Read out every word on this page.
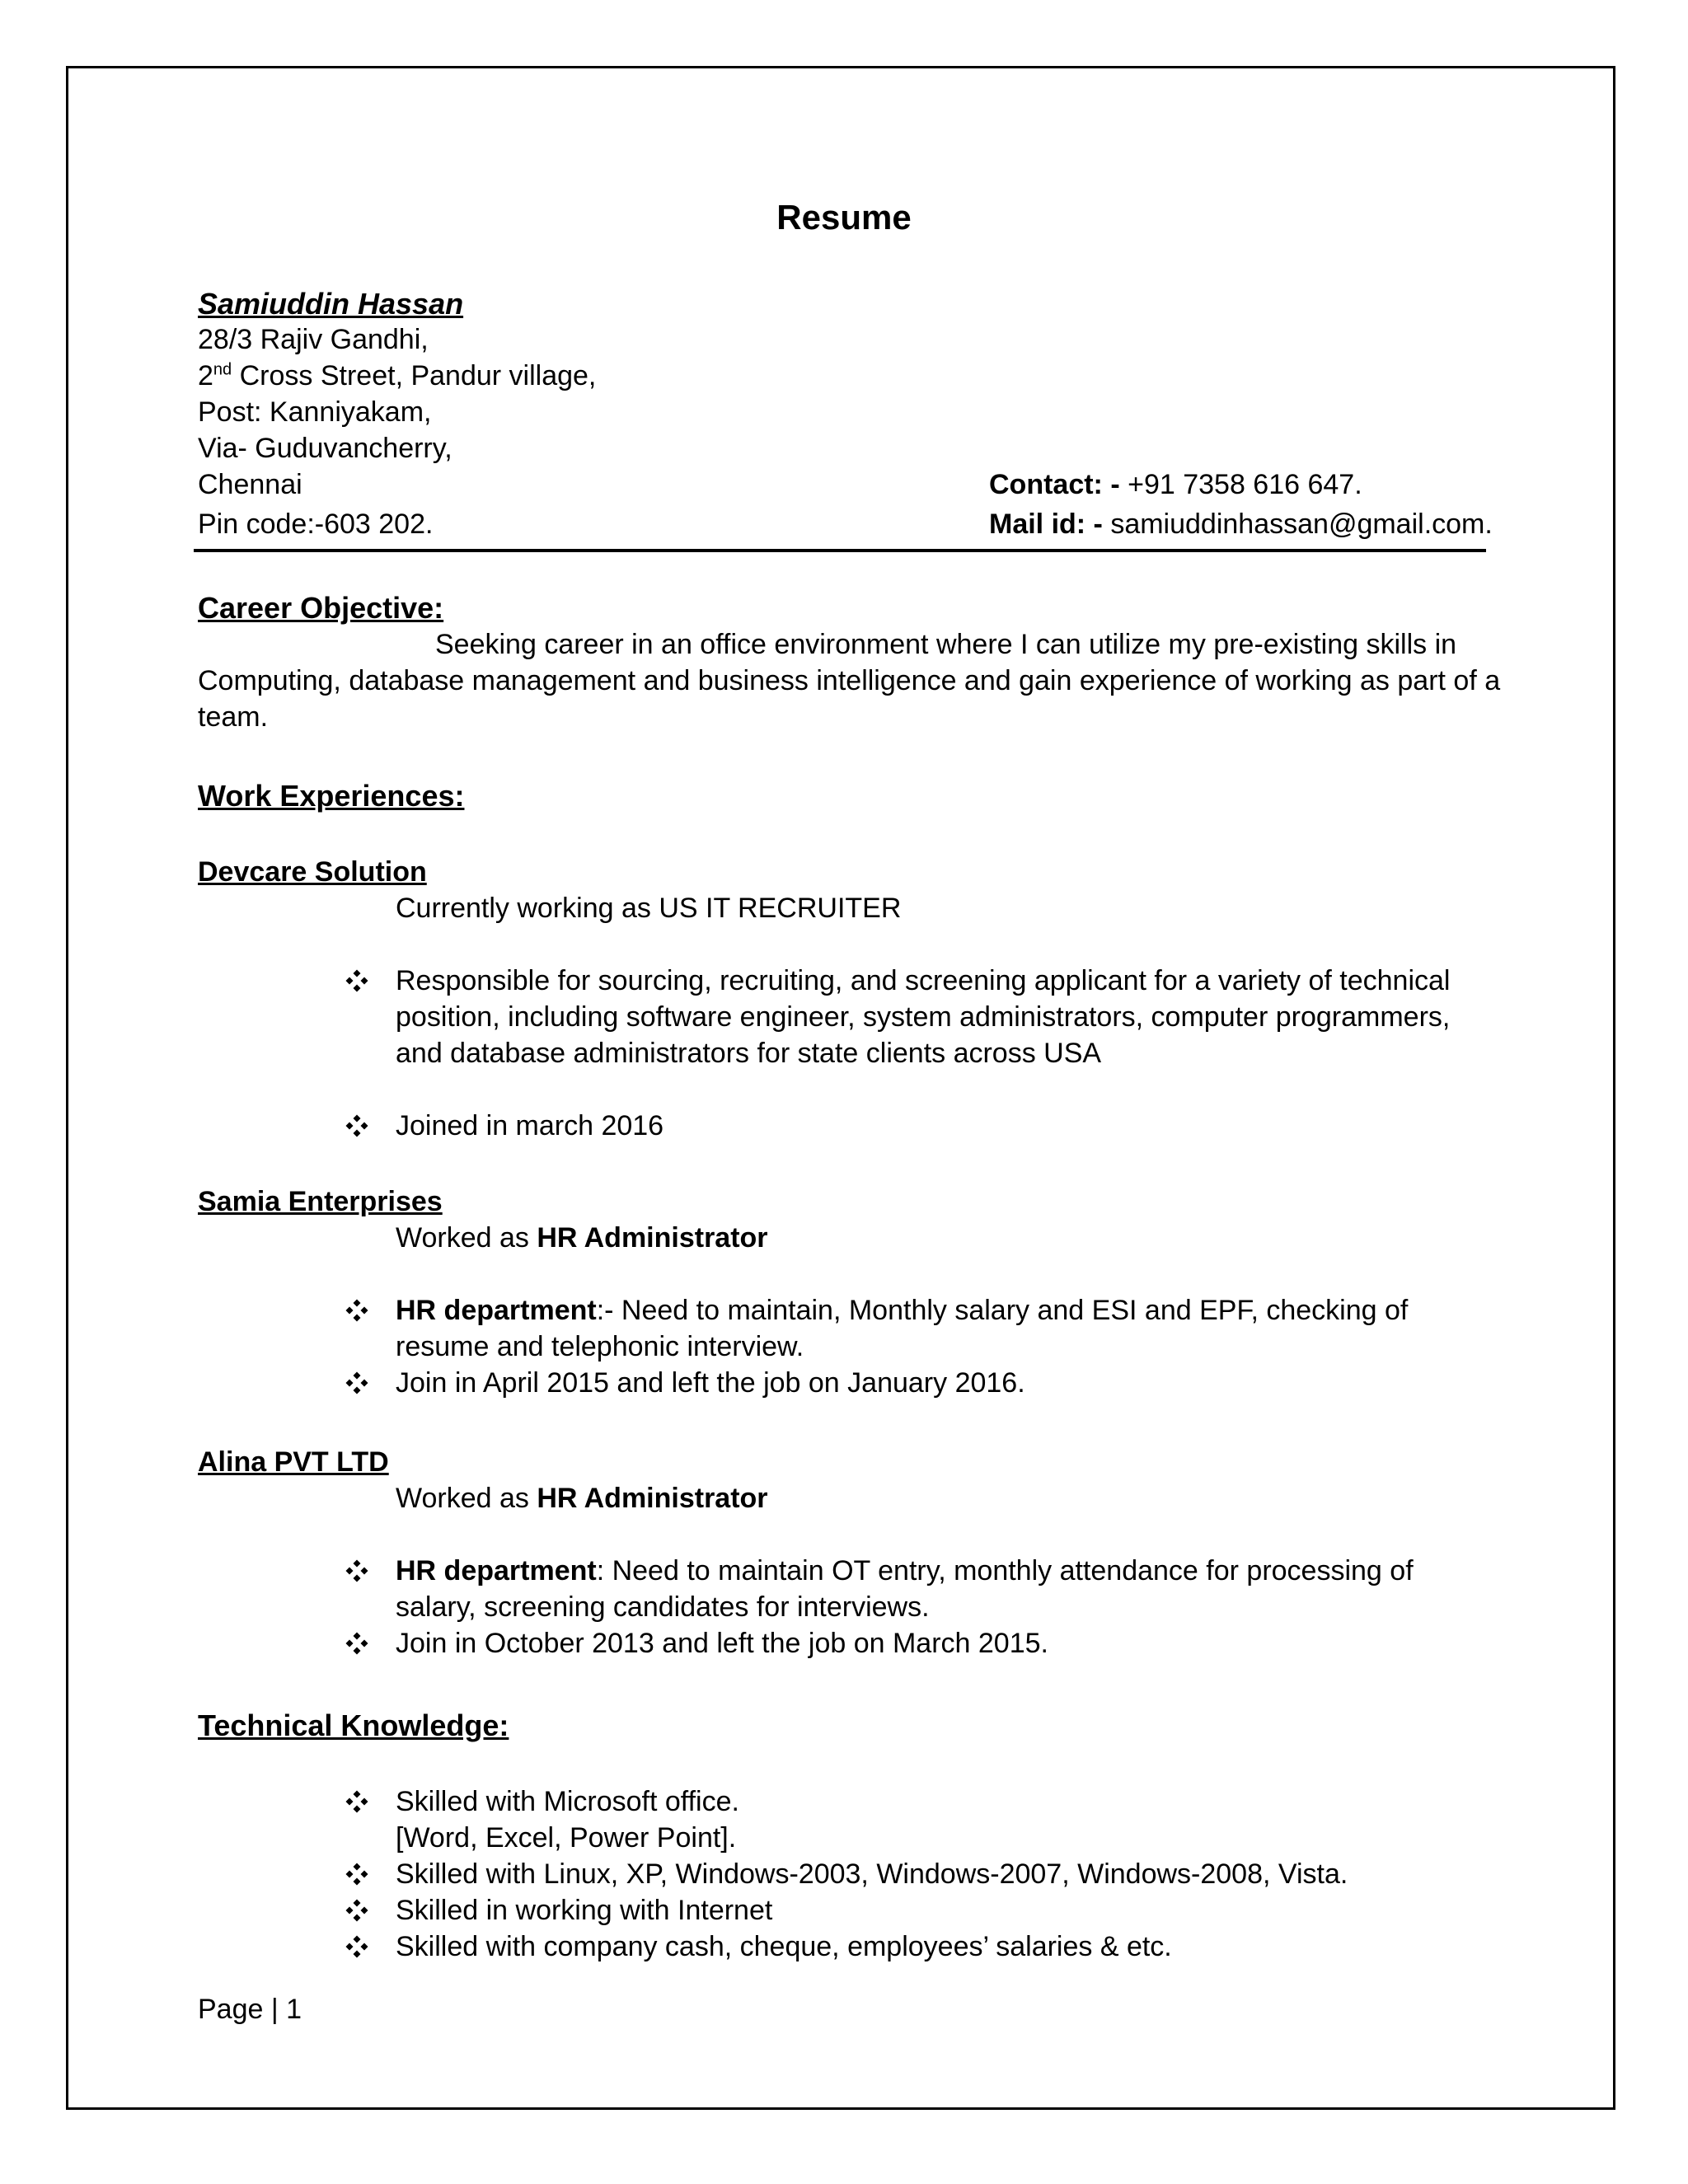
Resume
Samiuddin Hassan
28/3 Rajiv Gandhi,
2nd Cross Street, Pandur village,
Post: Kanniyakam,
Via- Guduvancherry,
Chennai
Pin code:-603 202.
Contact: - +91 7358 616 647.
Mail id: - samiuddinhassan@gmail.com.
Career Objective:
Seeking career in an office environment where I can utilize my pre-existing skills in
Computing, database management and business intelligence and gain experience of working as part of a
team.
Work Experiences:
Devcare Solution
Currently working as US IT RECRUITER
Responsible for sourcing, recruiting, and screening applicant for a variety of technical
position, including software engineer, system administrators, computer programmers,
and database administrators for state clients across USA
Joined in march 2016
Samia Enterprises
Worked as HR Administrator
HR department:- Need to maintain, Monthly salary and ESI and EPF, checking of
resume and telephonic interview.
Join in April 2015 and left the job on January 2016.
Alina PVT LTD
Worked as HR Administrator
HR department: Need to maintain OT entry, monthly attendance for processing of
salary, screening candidates for interviews.
Join in October 2013 and left the job on March 2015.
Technical Knowledge:
Skilled with Microsoft office.
[Word, Excel, Power Point].
Skilled with Linux, XP, Windows-2003, Windows-2007, Windows-2008, Vista.
Skilled in working with Internet
Skilled with company cash, cheque, employees’ salaries & etc.
Page | 1
